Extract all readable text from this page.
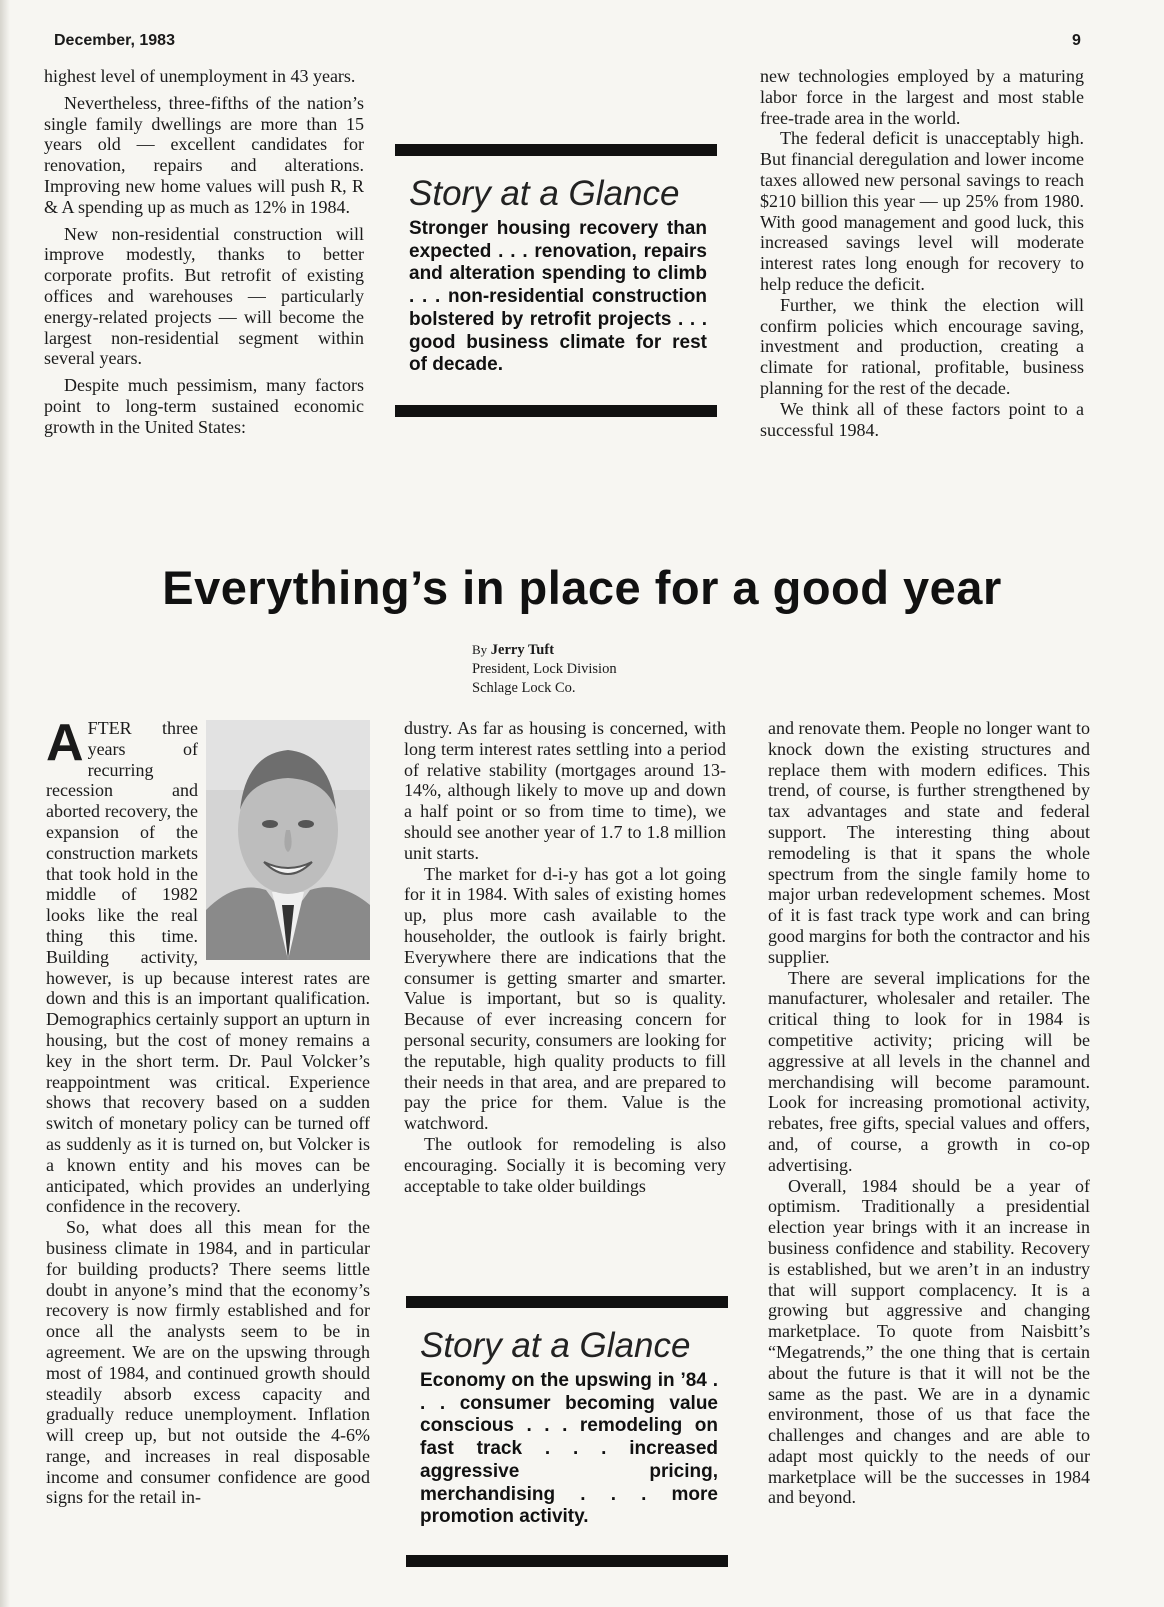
December, 1983	9

highest level of unemployment in 43 years.

Nevertheless, three-fifths of the nation’s single family dwellings are more than 15 years old — excellent candidates for renovation, repairs and alterations. Improving new home values will push R, R & A spending up as much as 12% in 1984.

New non-residential construction will improve modestly, thanks to better corporate profits. But retrofit of existing offices and warehouses — particularly energy-related projects — will become the largest non-residential segment within several years.

Despite much pessimism, many factors point to long-term sustained economic growth in the United States:

Story at a Glance
Stronger housing recovery than expected . . . renovation, repairs and alteration spending to climb . . . non-residential construction bolstered by retrofit projects . . . good business climate for rest of decade.

new technologies employed by a maturing labor force in the largest and most stable free-trade area in the world.

The federal deficit is unacceptably high. But financial deregulation and lower income taxes allowed new personal savings to reach $210 billion this year — up 25% from 1980. With good management and good luck, this increased savings level will moderate interest rates long enough for recovery to help reduce the deficit.

Further, we think the election will confirm policies which encourage saving, investment and production, creating a climate for rational, profitable, business planning for the rest of the decade.

We think all of these factors point to a successful 1984.

Everything’s in place for a good year
By Jerry Tuft
President, Lock Division
Schlage Lock Co.

AFTER three years of recurring recession and aborted recovery, the expansion of the construction markets that took hold in the middle of 1982 looks like the real thing this time. Building activity, however, is up because interest rates are down and this is an important qualification. Demographics certainly support an upturn in housing, but the cost of money remains a key in the short term. Dr. Paul Volcker’s reappointment was critical. Experience shows that recovery based on a sudden switch of monetary policy can be turned off as suddenly as it is turned on, but Volcker is a known entity and his moves can be anticipated, which provides an underlying confidence in the recovery.

So, what does all this mean for the business climate in 1984, and in particular for building products? There seems little doubt in anyone’s mind that the economy’s recovery is now firmly established and for once all the analysts seem to be in agreement. We are on the upswing through most of 1984, and continued growth should steadily absorb excess capacity and gradually reduce unemployment. Inflation will creep up, but not outside the 4-6% range, and increases in real disposable income and consumer confidence are good signs for the retail in-

dustry. As far as housing is concerned, with long term interest rates settling into a period of relative stability (mortgages around 13-14%, although likely to move up and down a half point or so from time to time), we should see another year of 1.7 to 1.8 million unit starts.

The market for d-i-y has got a lot going for it in 1984. With sales of existing homes up, plus more cash available to the householder, the outlook is fairly bright. Everywhere there are indications that the consumer is getting smarter and smarter. Value is important, but so is quality. Because of ever increasing concern for personal security, consumers are looking for the reputable, high quality products to fill their needs in that area, and are prepared to pay the price for them. Value is the watchword.

The outlook for remodeling is also encouraging. Socially it is becoming very acceptable to take older buildings

Story at a Glance
Economy on the upswing in ’84 . . . consumer becoming value conscious . . . remodeling on fast track . . . increased aggressive pricing, merchandising . . . more promotion activity.

and renovate them. People no longer want to knock down the existing structures and replace them with modern edifices. This trend, of course, is further strengthened by tax advantages and state and federal support. The interesting thing about remodeling is that it spans the whole spectrum from the single family home to major urban redevelopment schemes. Most of it is fast track type work and can bring good margins for both the contractor and his supplier.

There are several implications for the manufacturer, wholesaler and retailer. The critical thing to look for in 1984 is competitive activity; pricing will be aggressive at all levels in the channel and merchandising will become paramount. Look for increasing promotional activity, rebates, free gifts, special values and offers, and, of course, a growth in co-op advertising.

Overall, 1984 should be a year of optimism. Traditionally a presidential election year brings with it an increase in business confidence and stability. Recovery is established, but we aren’t in an industry that will support complacency. It is a growing but aggressive and changing marketplace. To quote from Naisbitt’s “Megatrends,” the one thing that is certain about the future is that it will not be the same as the past. We are in a dynamic environment, those of us that face the challenges and changes and are able to adapt most quickly to the needs of our marketplace will be the successes in 1984 and beyond.
